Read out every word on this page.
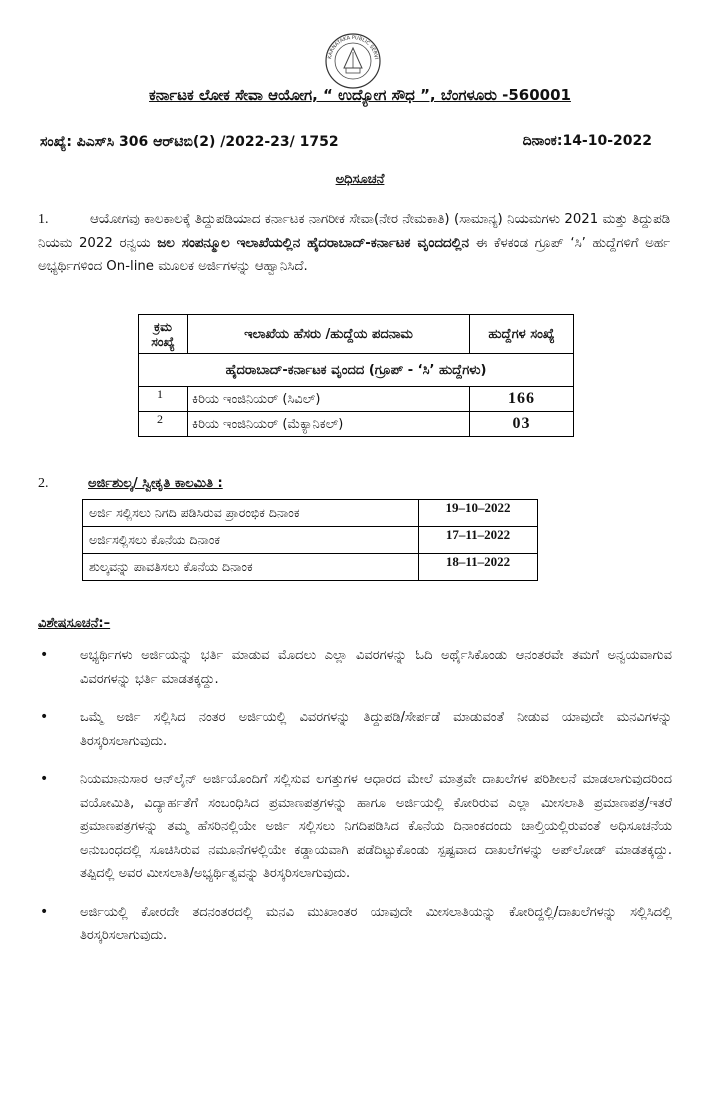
KARNATAKA PUBLIC SERVI
ಕರ್ನಾಟಕ ಲೋಕ ಸೇವಾ ಆಯೋಗ, “ ಉದ್ಯೋಗ ಸೌಧ ”, ಬೆಂಗಳೂರು -560001
ಸಂಖ್ಯೆ: ಪಿಎಸ್‌ಸಿ 306 ಆರ್‌ಟಿಬಿ(2) /2022-23/ 1752	ದಿನಾಂಕ:14-10-2022
ಅಧಿಸೂಚನೆ
1.	ಆಯೋಗವು ಕಾಲಕಾಲಕ್ಕೆ ತಿದ್ದುಪಡಿಯಾದ ಕರ್ನಾಟಕ ನಾಗರೀಕ ಸೇವಾ(ನೇರ ನೇಮಕಾತಿ) (ಸಾಮಾನ್ಯ) ನಿಯಮಗಳು 2021 ಮತ್ತು ತಿದ್ದುಪಡಿ ನಿಯಮ 2022 ರನ್ವಯ ಜಲ ಸಂಪನ್ಮೂಲ ಇಲಾಖೆಯಲ್ಲಿನ ಹೈದರಾಬಾದ್-ಕರ್ನಾಟಕ ವೃಂದದಲ್ಲಿನ ಈ ಕೆಳಕಂಡ ಗ್ರೂಪ್ ‘ಸಿ’ ಹುದ್ದೆಗಳಿಗೆ ಅರ್ಹ ಅಭ್ಯರ್ಥಿಗಳಿಂದ On-line ಮೂಲಕ ಅರ್ಜಿಗಳನ್ನು ಆಹ್ವಾನಿಸಿದೆ.
ಕ್ರಮ ಸಂಖ್ಯೆ	ಇಲಾಖೆಯ ಹೆಸರು /ಹುದ್ದೆಯ ಪದನಾಮ	ಹುದ್ದೆಗಳ ಸಂಖ್ಯೆ
ಹೈದರಾಬಾದ್-ಕರ್ನಾಟಕ ವೃಂದದ (ಗ್ರೂಪ್ - ‘ಸಿ’ ಹುದ್ದೆಗಳು)		
1	ಕಿರಿಯ ಇಂಜಿನಿಯರ್ (ಸಿವಿಲ್)	166
2	ಕಿರಿಯ ಇಂಜಿನಿಯರ್ (ಮೆಕ್ಯಾನಿಕಲ್)	03
2.	ಅರ್ಜಿಶುಲ್ಕ/ ಸ್ವೀಕೃತಿ ಕಾಲಮಿತಿ :
ಅರ್ಜಿ ಸಲ್ಲಿಸಲು ನಿಗದಿ ಪಡಿಸಿರುವ ಪ್ರಾರಂಭಿಕ ದಿನಾಂಕ	19–10–2022
ಅರ್ಜಿಸಲ್ಲಿಸಲು ಕೊನೆಯ ದಿನಾಂಕ	17–11–2022
ಶುಲ್ಕವನ್ನು ಪಾವತಿಸಲು ಕೊನೆಯ ದಿನಾಂಕ	18–11–2022
ವಿಶೇಷಸೂಚನೆ:–
• ಅಭ್ಯರ್ಥಿಗಳು ಅರ್ಜಿಯನ್ನು ಭರ್ತಿ ಮಾಡುವ ಮೊದಲು ಎಲ್ಲಾ ವಿವರಗಳನ್ನು ಓದಿ ಅರ್ಥೈಸಿಕೊಂಡು ಆನಂತರವೇ ತಮಗೆ ಅನ್ವಯವಾಗುವ ವಿವರಗಳನ್ನು ಭರ್ತಿ ಮಾಡತಕ್ಕದ್ದು.
• ಒಮ್ಮೆ ಅರ್ಜಿ ಸಲ್ಲಿಸಿದ ನಂತರ ಅರ್ಜಿಯಲ್ಲಿ ವಿವರಗಳನ್ನು ತಿದ್ದುಪಡಿ/ಸೇರ್ಪಡೆ ಮಾಡುವಂತೆ ನೀಡುವ ಯಾವುದೇ ಮನವಿಗಳನ್ನು ತಿರಸ್ಕರಿಸಲಾಗುವುದು.
• ನಿಯಮಾನುಸಾರ ಆನ್‌ಲೈನ್ ಅರ್ಜಿಯೊಂದಿಗೆ ಸಲ್ಲಿಸುವ ಲಗತ್ತುಗಳ ಆಧಾರದ ಮೇಲೆ ಮಾತ್ರವೇ ದಾಖಲೆಗಳ ಪರಿಶೀಲನೆ ಮಾಡಲಾಗುವುದರಿಂದ ವಯೋಮಿತಿ, ವಿದ್ಯಾರ್ಹತೆಗೆ ಸಂಬಂಧಿಸಿದ ಪ್ರಮಾಣಪತ್ರಗಳನ್ನು ಹಾಗೂ ಅರ್ಜಿಯಲ್ಲಿ ಕೋರಿರುವ ಎಲ್ಲಾ ಮೀಸಲಾತಿ ಪ್ರಮಾಣಪತ್ರ/ಇತರೆ ಪ್ರಮಾಣಪತ್ರಗಳನ್ನು ತಮ್ಮ ಹೆಸರಿನಲ್ಲಿಯೇ ಅರ್ಜಿ ಸಲ್ಲಿಸಲು ನಿಗದಿಪಡಿಸಿದ ಕೊನೆಯ ದಿನಾಂಕದಂದು ಚಾಲ್ತಿಯಲ್ಲಿರುವಂತೆ ಅಧಿಸೂಚನೆಯ ಅನುಬಂಧದಲ್ಲಿ ಸೂಚಿಸಿರುವ ನಮೂನೆಗಳಲ್ಲಿಯೇ ಕಡ್ಡಾಯವಾಗಿ ಪಡೆದಿಟ್ಟುಕೊಂಡು ಸ್ಪಷ್ಟವಾದ ದಾಖಲೆಗಳನ್ನು ಅಪ್‌ಲೋಡ್ ಮಾಡತಕ್ಕದ್ದು. ತಪ್ಪಿದಲ್ಲಿ ಅವರ ಮೀಸಲಾತಿ/ಅಭ್ಯರ್ಥಿತ್ವವನ್ನು ತಿರಸ್ಕರಿಸಲಾಗುವುದು.
• ಅರ್ಜಿಯಲ್ಲಿ ಕೋರದೇ ತದನಂತರದಲ್ಲಿ ಮನವಿ ಮುಖಾಂತರ ಯಾವುದೇ ಮೀಸಲಾತಿಯನ್ನು ಕೋರಿದ್ದಲ್ಲಿ/ದಾಖಲೆಗಳನ್ನು ಸಲ್ಲಿಸಿದಲ್ಲಿ ತಿರಸ್ಕರಿಸಲಾಗುವುದು.
